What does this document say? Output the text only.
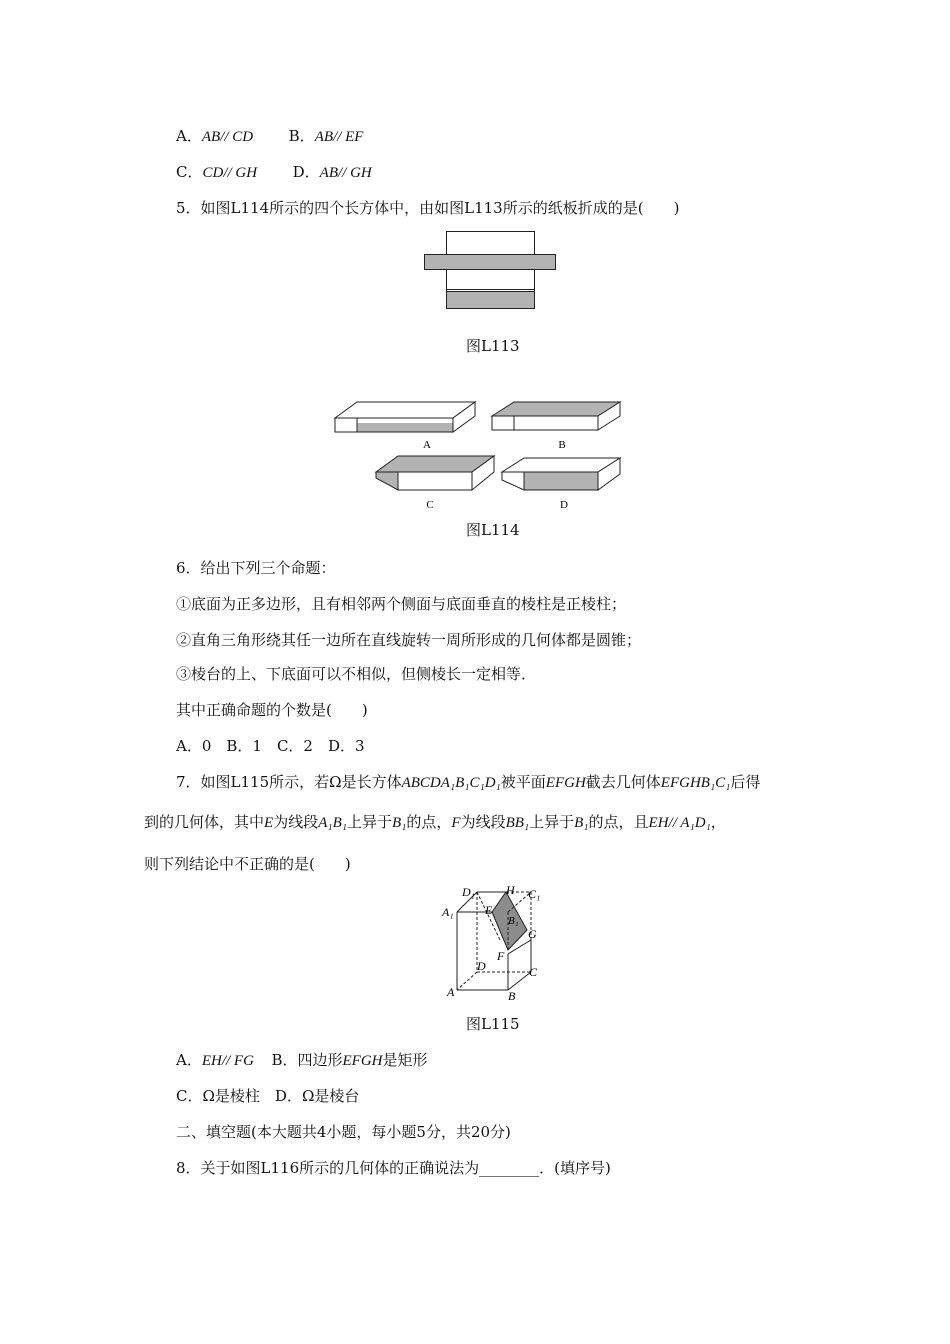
A．AB// CD B．AB// EF
C．CD// GH D．AB// GH
5．如图L114所示的四个长方体中，由如图L113所示的纸板折成的是(　　)
图L113
A	B
C	D
图L114
6．给出下列三个命题：
①底面为正多边形，且有相邻两个侧面与底面垂直的棱柱是正棱柱；
②直角三角形绕其任一边所在直线旋转一周所形成的几何体都是圆锥；
③棱台的上、下底面可以不相似，但侧棱长一定相等．
其中正确命题的个数是(　　)
A．0　B．1　C．2　D．3
7．如图L115所示，若Ω是长方体ABCDA₁B₁C₁D₁被平面EFGH截去几何体EFGHB₁C₁后得
到的几何体，其中E为线段A₁B₁上异于B₁的点，F为线段BB₁上异于B₁的点，且EH// A₁D₁，
则下列结论中不正确的是(　　)
D₁	H C₁
A₁	E
B₁
G
F
D	C
A	B
图L115
A．EH// FG B．四边形EFGH是矩形
C．Ω是棱柱　D．Ω是棱台
二、填空题(本大题共4小题，每小题5分，共20分)
8．关于如图L116所示的几何体的正确说法为________．(填序号)
